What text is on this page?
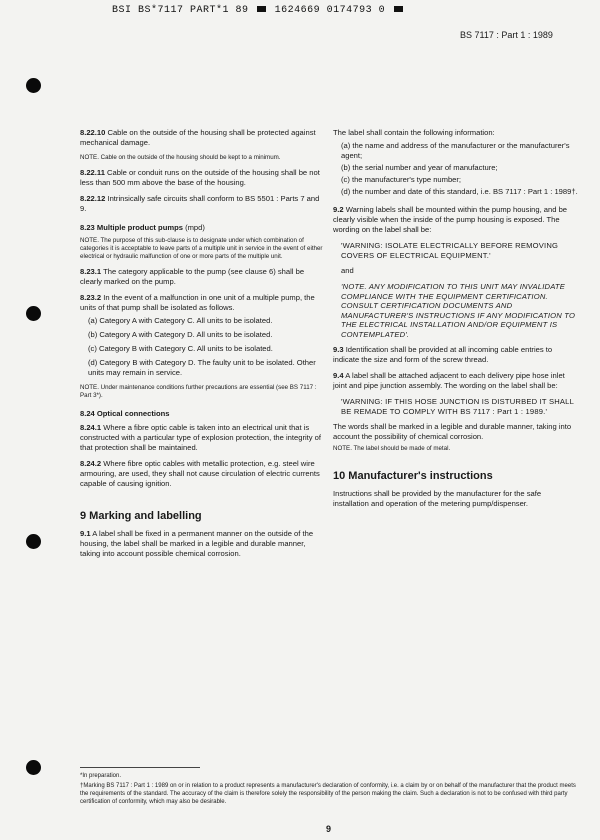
BSI BS*7117 PART*1 89	1624669 0174793 0
BS 7117 : Part 1 : 1989

8.22.10 Cable on the outside of the housing shall be protected against mechanical damage.

NOTE. Cable on the outside of the housing should be kept to a minimum.

8.22.11 Cable or conduit runs on the outside of the housing shall be not less than 500 mm above the base of the housing.

8.22.12 Intrinsically safe circuits shall conform to BS 5501 : Parts 7 and 9.

8.23 Multiple product pumps (mpd)
NOTE. The purpose of this sub-clause is to designate under which combination of categories it is acceptable to leave parts of a multiple unit in service in the event of either electrical or hydraulic malfunction of one or more parts of the multiple unit.

8.23.1 The category applicable to the pump (see clause 6) shall be clearly marked on the pump.

8.23.2 In the event of a malfunction in one unit of a multiple pump, the units of that pump shall be isolated as follows.

(a) Category A with Category C. All units to be isolated.
(b) Category A with Category D. All units to be isolated.
(c) Category B with Category C. All units to be isolated.
(d) Category B with Category D. The faulty unit to be isolated. Other units may remain in service.
NOTE. Under maintenance conditions further precautions are essential (see BS 7117 : Part 3*).
8.24 Optical connections

8.24.1 Where a fibre optic cable is taken into an electrical unit that is constructed with a particular type of explosion protection, the integrity of that protection shall be maintained.

8.24.2 Where fibre optic cables with metallic protection, e.g. steel wire armouring, are used, they shall not cause circulation of electric currents capable of causing ignition.

9 Marking and labelling

9.1 A label shall be fixed in a permanent manner on the outside of the housing, the label shall be marked in a legible and durable manner, taking into account possible chemical corrosion.

The label shall contain the following information:

(a) the name and address of the manufacturer or the manufacturer's agent;
(b) the serial number and year of manufacture;
(c) the manufacturer's type number;
(d) the number and date of this standard, i.e. BS 7117 : Part 1 : 1989†.

9.2 Warning labels shall be mounted within the pump housing, and be clearly visible when the inside of the pump housing is exposed. The wording on the label shall be:

'WARNING: ISOLATE ELECTRICALLY BEFORE REMOVING COVERS OF ELECTRICAL EQUIPMENT.'
and
'NOTE. ANY MODIFICATION TO THIS UNIT MAY INVALIDATE COMPLIANCE WITH THE EQUIPMENT CERTIFICATION. CONSULT CERTIFICATION DOCUMENTS AND MANUFACTURER'S INSTRUCTIONS IF ANY MODIFICATION TO THE ELECTRICAL INSTALLATION AND/OR EQUIPMENT IS CONTEMPLATED'.

9.3 Identification shall be provided at all incoming cable entries to indicate the size and form of the screw thread.

9.4 A label shall be attached adjacent to each delivery pipe hose inlet joint and pipe junction assembly. The wording on the label shall be:

'WARNING: IF THIS HOSE JUNCTION IS DISTURBED IT SHALL BE REMADE TO COMPLY WITH BS 7117 : Part 1 : 1989.'

The words shall be marked in a legible and durable manner, taking into account the possibility of chemical corrosion.

NOTE. The label should be made of metal.
10 Manufacturer's instructions

Instructions shall be provided by the manufacturer for the safe installation and operation of the metering pump/dispenser.

*In preparation.
†Marking BS 7117 : Part 1 : 1989 on or in relation to a product represents a manufacturer's declaration of conformity, i.e. a claim by or on behalf of the manufacturer that the product meets the requirements of the standard. The accuracy of the claim is therefore solely the responsibility of the person making the claim. Such a declaration is not to be confused with third party certification of conformity, which may also be desirable.
9
